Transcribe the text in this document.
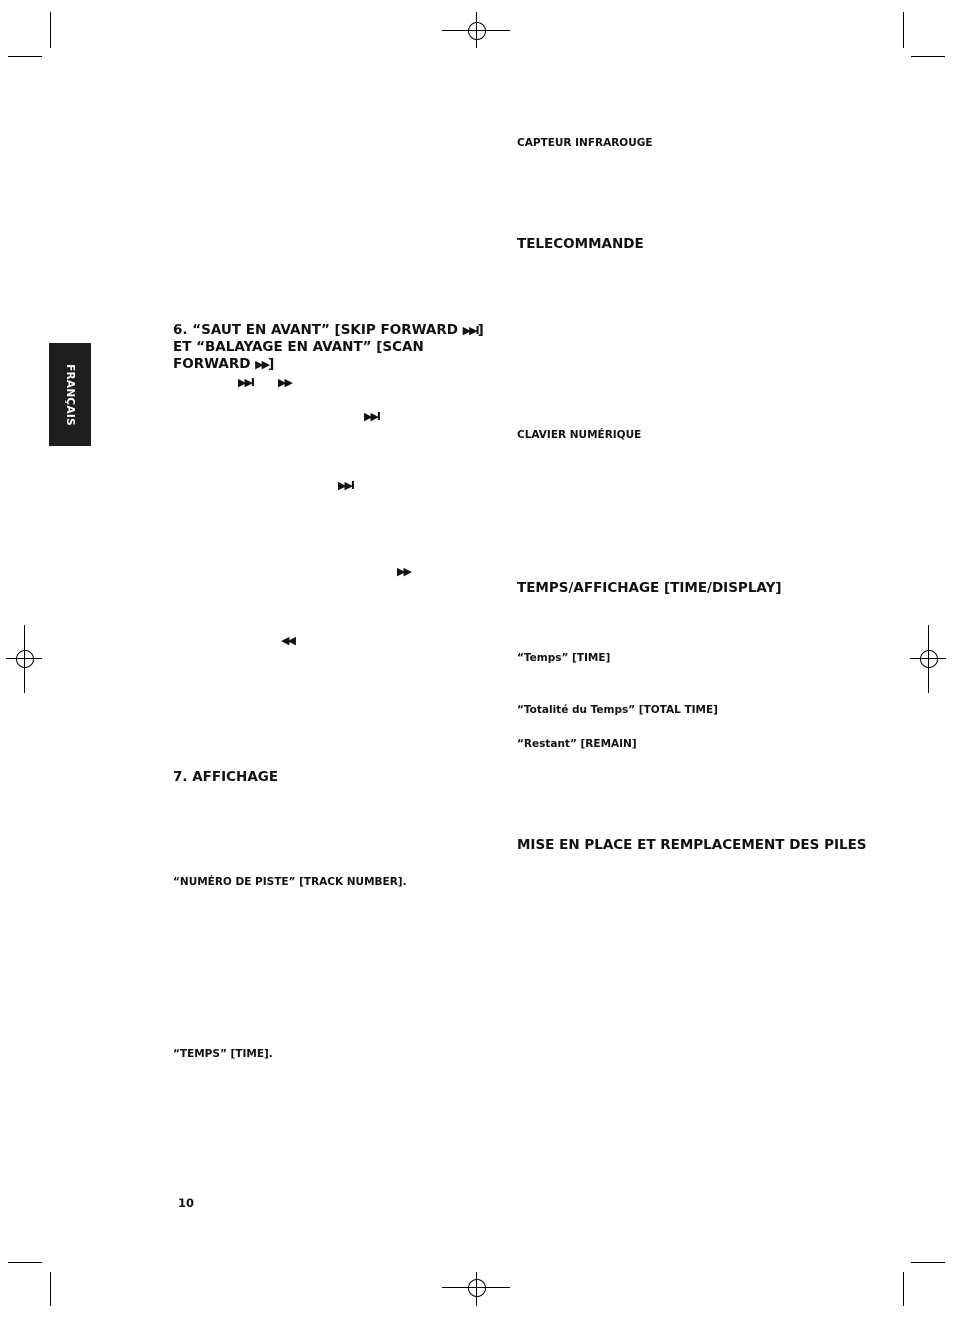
FRANÇAIS
6. “SAUT EN AVANT” [SKIP FORWARD ▶▶I]
ET “BALAYAGE EN AVANT” [SCAN
FORWARD ▶▶]
▶▶I ▶▶
▶▶I
▶▶I
▶▶
◀◀
7. AFFICHAGE
“NUMÉRO DE PISTE” [TRACK NUMBER].
“TEMPS” [TIME].
CAPTEUR INFRAROUGE
TELECOMMANDE
CLAVIER NUMÉRIQUE
TEMPS/AFFICHAGE [TIME/DISPLAY]
“Temps” [TIME]
“Totalité du Temps” [TOTAL TIME]
“Restant” [REMAIN]
MISE EN PLACE ET REMPLACEMENT DES PILES
10
